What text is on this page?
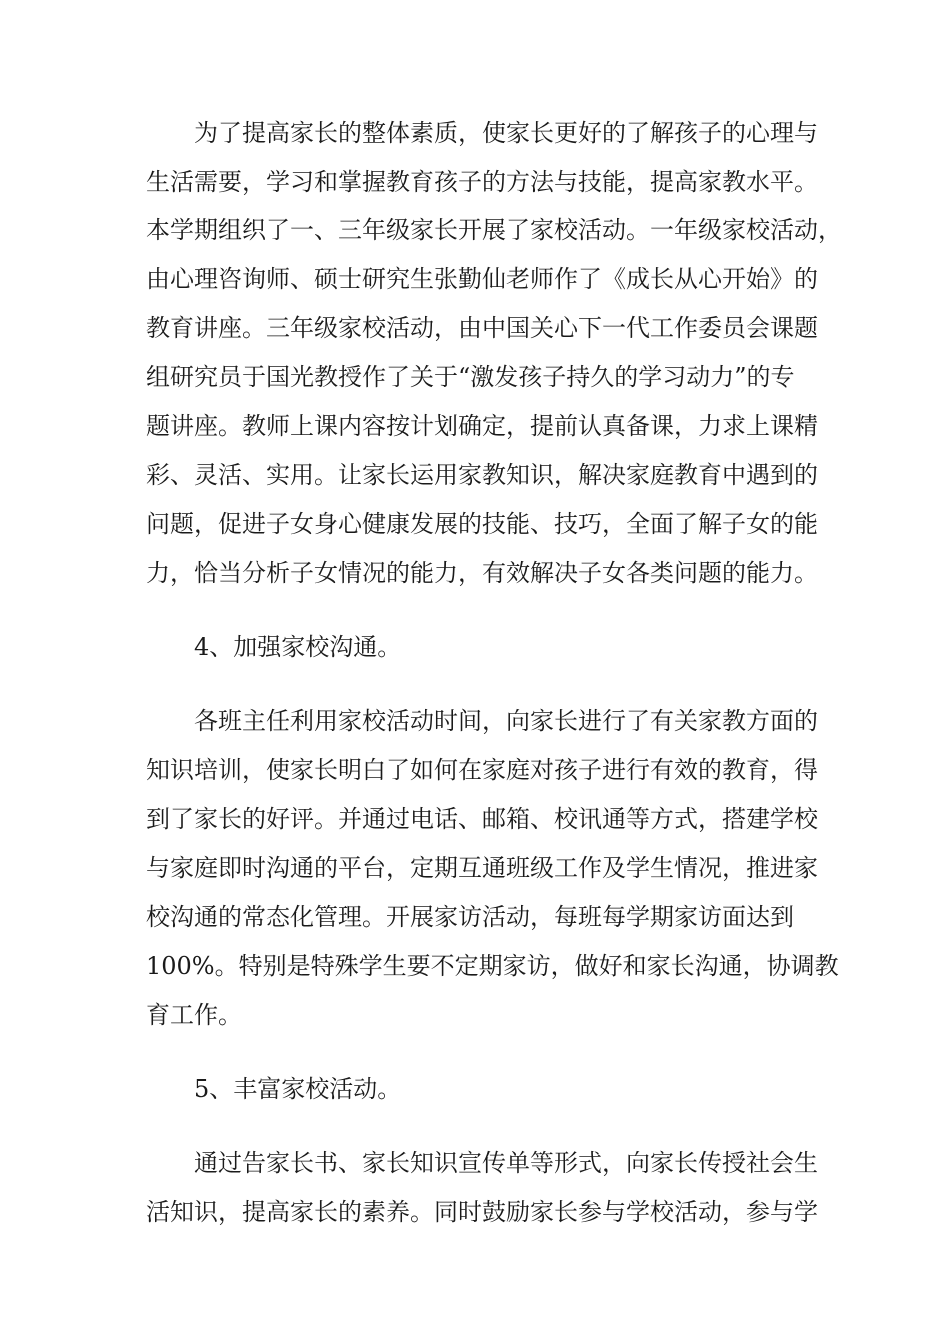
为了提高家长的整体素质，使家长更好的了解孩子的心理与
生活需要，学习和掌握教育孩子的方法与技能，提高家教水平。
本学期组织了一、三年级家长开展了家校活动。一年级家校活动，
由心理咨询师、硕士研究生张勤仙老师作了《成长从心开始》的
教育讲座。三年级家校活动，由中国关心下一代工作委员会课题
组研究员于国光教授作了关于“激发孩子持久的学习动力”的专
题讲座。教师上课内容按计划确定，提前认真备课，力求上课精
彩、灵活、实用。让家长运用家教知识，解决家庭教育中遇到的
问题，促进子女身心健康发展的技能、技巧，全面了解子女的能
力，恰当分析子女情况的能力，有效解决子女各类问题的能力。
4、加强家校沟通。
各班主任利用家校活动时间，向家长进行了有关家教方面的
知识培训，使家长明白了如何在家庭对孩子进行有效的教育，得
到了家长的好评。并通过电话、邮箱、校讯通等方式，搭建学校
与家庭即时沟通的平台，定期互通班级工作及学生情况，推进家
校沟通的常态化管理。开展家访活动，每班每学期家访面达到
100%。特别是特殊学生要不定期家访，做好和家长沟通，协调教
育工作。
5、丰富家校活动。
通过告家长书、家长知识宣传单等形式，向家长传授社会生
活知识，提高家长的素养。同时鼓励家长参与学校活动，参与学
